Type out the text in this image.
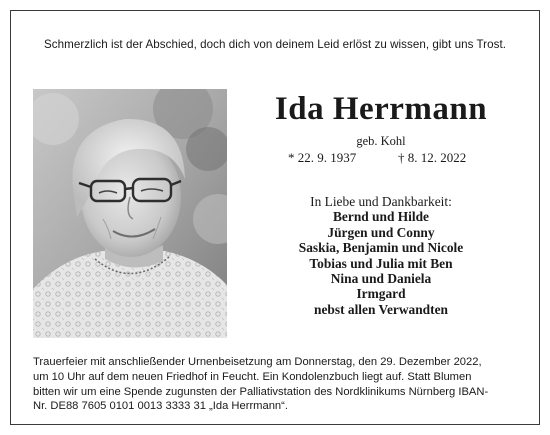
Schmerzlich ist der Abschied, doch dich von deinem Leid erlöst zu wissen, gibt uns Trost.
Ida Herrmann
geb. Kohl
* 22. 9. 1937	† 8. 12. 2022
In Liebe und Dankbarkeit:
Bernd und Hilde
Jürgen und Conny
Saskia, Benjamin und Nicole
Tobias und Julia mit Ben
Nina und Daniela
Irmgard
nebst allen Verwandten
Trauerfeier mit anschließender Urnenbeisetzung am Donnerstag, den 29. Dezember 2022,
um 10 Uhr auf dem neuen Friedhof in Feucht. Ein Kondolenzbuch liegt auf. Statt Blumen
bitten wir um eine Spende zugunsten der Palliativstation des Nordklinikums Nürnberg IBAN-
Nr. DE88 7605 0101 0013 3333 31 „Ida Herrmann“.
